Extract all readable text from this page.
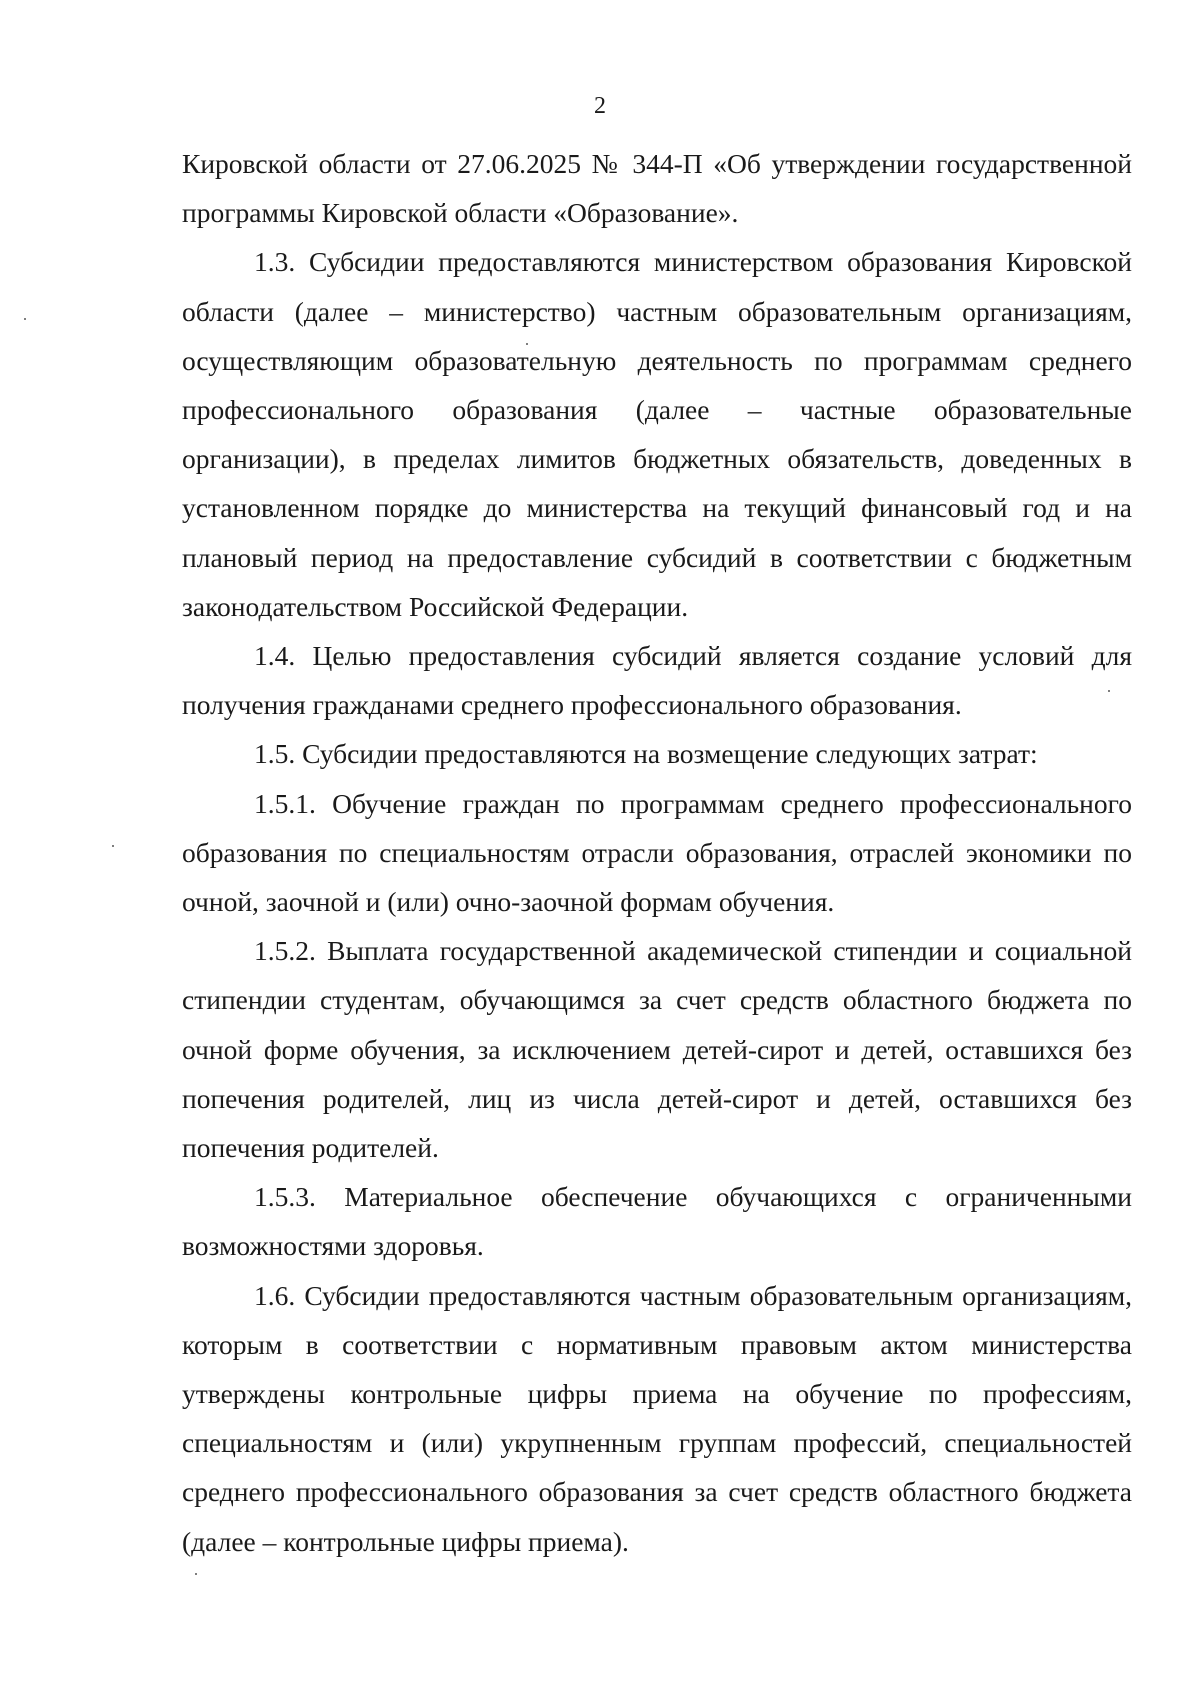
2

Кировской области от 27.06.2025 № 344-П «Об утверждении государственной программы Кировской области «Образование».

1.3. Субсидии предоставляются министерством образования Кировской области (далее – министерство) частным образовательным организациям, осуществляющим образовательную деятельность по программам среднего профессионального образования (далее – частные образовательные организации), в пределах лимитов бюджетных обязательств, доведенных в установленном порядке до министерства на текущий финансовый год и на плановый период на предоставление субсидий в соответствии с бюджетным законодательством Российской Федерации.

1.4. Целью предоставления субсидий является создание условий для получения гражданами среднего профессионального образования.

1.5. Субсидии предоставляются на возмещение следующих затрат:

1.5.1. Обучение граждан по программам среднего профессионального образования по специальностям отрасли образования, отраслей экономики по очной, заочной и (или) очно-заочной формам обучения.

1.5.2. Выплата государственной академической стипендии и социальной стипендии студентам, обучающимся за счет средств областного бюджета по очной форме обучения, за исключением детей-сирот и детей, оставшихся без попечения родителей, лиц из числа детей-сирот и детей, оставшихся без попечения родителей.

1.5.3. Материальное обеспечение обучающихся с ограниченными возможностями здоровья.

1.6. Субсидии предоставляются частным образовательным организациям, которым в соответствии с нормативным правовым актом министерства утверждены контрольные цифры приема на обучение по профессиям, специальностям и (или) укрупненным группам профессий, специальностей среднего профессионального образования за счет средств областного бюджета (далее – контрольные цифры приема).
